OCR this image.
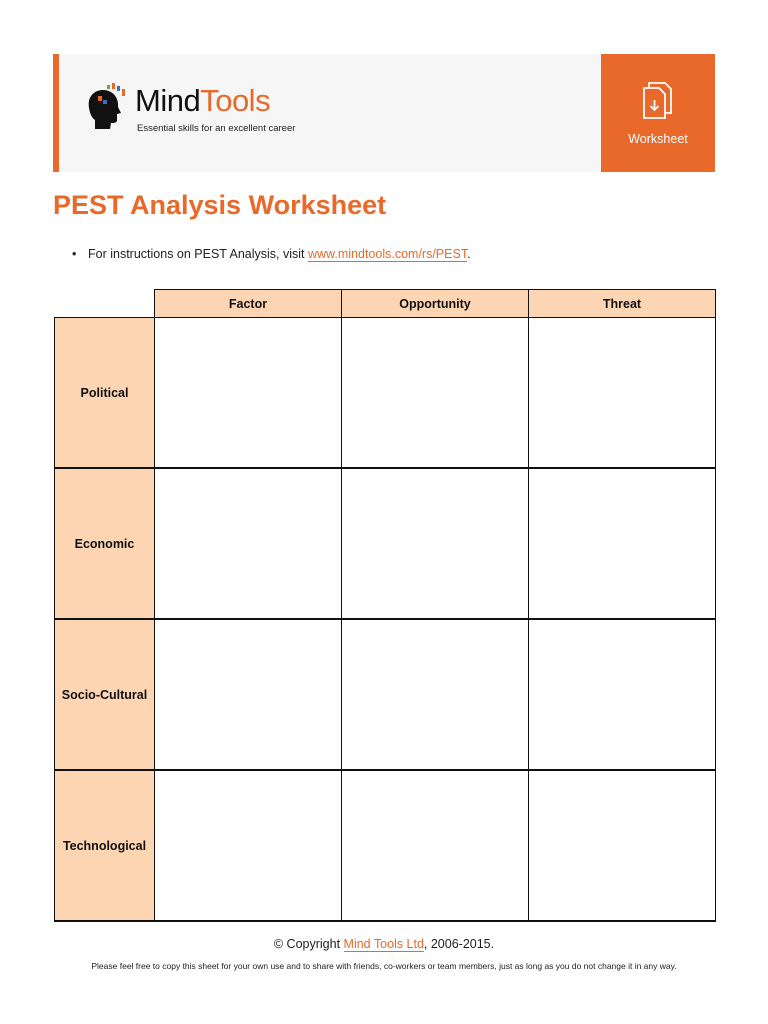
MindTools
Essential skills for an excellent career
Worksheet
PEST Analysis Worksheet
• For instructions on PEST Analysis, visit www.mindtools.com/rs/PEST.
	Factor	Opportunity	Threat
Political			
Economic			
Socio-Cultural			
Technological			
© Copyright Mind Tools Ltd, 2006-2015.
Please feel free to copy this sheet for your own use and to share with friends, co-workers or team members, just as long as you do not change it in any way.
